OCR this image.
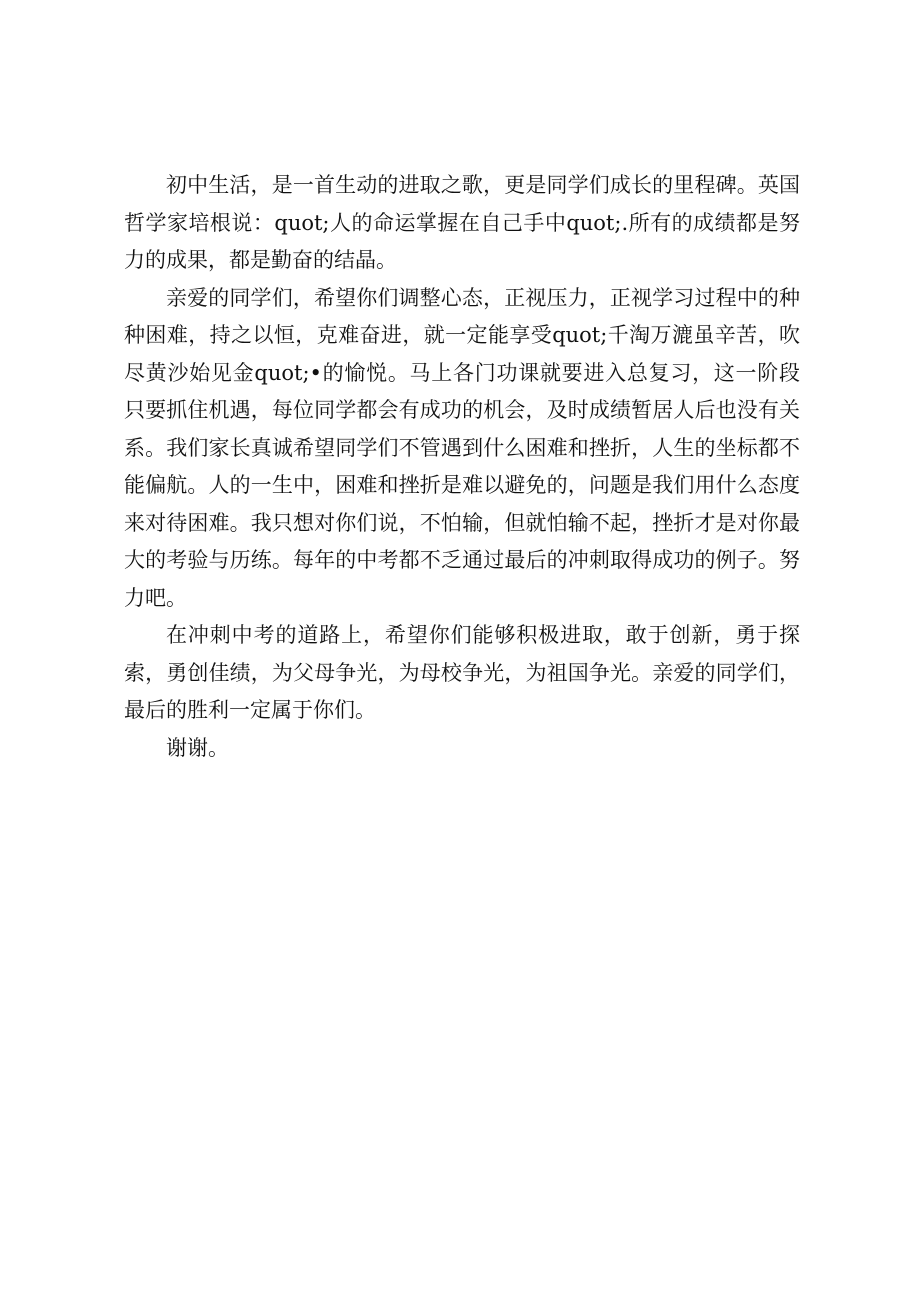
初中生活，是一首生动的进取之歌，更是同学们成长的里程碑。英国哲学家培根说：quot;人的命运掌握在自己手中quot;.所有的成绩都是努力的成果，都是勤奋的结晶。

亲爱的同学们，希望你们调整心态，正视压力，正视学习过程中的种种困难，持之以恒，克难奋进，就一定能享受quot;千淘万漉虽辛苦，吹尽黄沙始见金quot;•的愉悦。马上各门功课就要进入总复习，这一阶段只要抓住机遇，每位同学都会有成功的机会，及时成绩暂居人后也没有关系。我们家长真诚希望同学们不管遇到什么困难和挫折，人生的坐标都不能偏航。人的一生中，困难和挫折是难以避免的，问题是我们用什么态度来对待困难。我只想对你们说，不怕输，但就怕输不起，挫折才是对你最大的考验与历练。每年的中考都不乏通过最后的冲刺取得成功的例子。努力吧。

在冲刺中考的道路上，希望你们能够积极进取，敢于创新，勇于探索，勇创佳绩，为父母争光，为母校争光，为祖国争光。亲爱的同学们，最后的胜利一定属于你们。

谢谢。
